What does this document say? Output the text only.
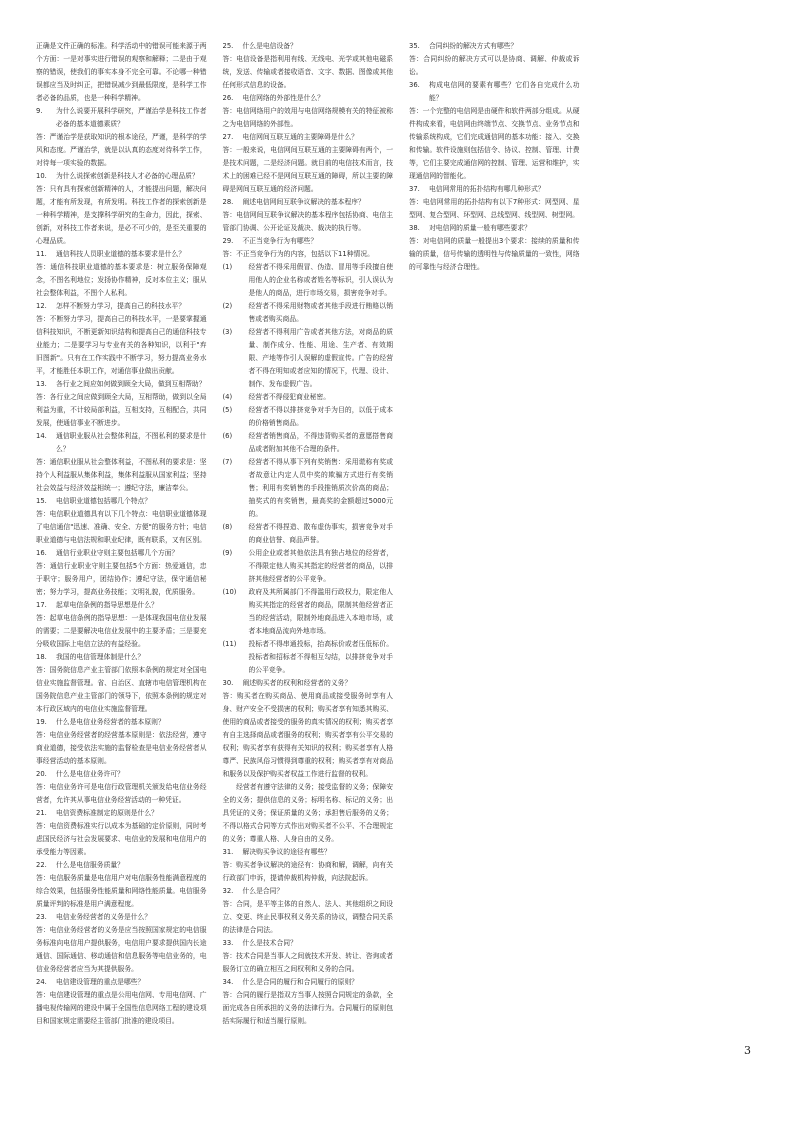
正确是文件正确的标准。科学活动中的错误可能来源于两个方面：一是对事实进行错误的观察和解释；二是由于观察的错误，使我们的事实本身不完全可靠。不论哪一种错误都应当及时纠正，把错误减少到最低限度，是科学工作者必备的品质，也是一种科学精神。

9.	为什么说要开展科学研究，严谨治学是科技工作者必备的基本道德素质？

答：严谨治学是获取知识的根本途径，严谨，是科学的学风和态度。严谨治学，就是以认真的态度对待科学工作，对待每一项实验的数据。

10.	为什么说探索创新是科技人才必备的心理品质？

答：只有具有探索创新精神的人，才能提出问题，解决问题，才能有所发现，有所发明。科技工作者的探索创新是一种科学精神，是支撑科学研究的生命力，因此，探索、创新，对科技工作者来说，是必不可少的，是至关重要的心理品质。

11.	通信科技人员职业道德的基本要求是什么？

答：通信科技职业道德的基本要求是：树立服务保障观念，不图名利地位；发扬协作精神，反对本位主义；服从社会整体利益，不图个人私利。

12.	怎样不断努力学习，提高自己的科技水平？

答：不断努力学习，提高自己的科技水平，一是要掌握通信科技知识，不断更新知识结构和提高自己的通信科技专业能力；二是要学习与专业有关的各种知识，以利于"弃旧图新"。只有在工作实践中不断学习，努力提高业务水平，才能胜任本职工作，对通信事业做出贡献。

13.	各行业之间应如何做到顾全大局，做到互相帮助？

答：各行业之间应做到顾全大局，互相帮助，做到以全局利益为重，不计较局部利益，互相支持，互相配合，共同发展，使通信事业不断进步。

14.	通信职业服从社会整体利益，不图私利的要求是什么？

答：通信职业服从社会整体利益，不图私利的要求是：坚持个人利益服从集体利益，集体利益服从国家利益；坚持社会效益与经济效益相统一；遵纪守法，廉洁奉公。

15.	电信职业道德包括哪几个特点？

答：电信职业道德具有以下几个特点：电信职业道德体现了电信通信"迅速、准确、安全、方便"的服务方针；电信职业道德与电信法规和职业纪律，既有联系，又有区别。

16.	通信行业职业守则主要包括哪几个方面？

答：通信行业职业守则主要包括5个方面：热爱通信，忠于职守；服务用户，团结协作；遵纪守法，保守通信秘密；努力学习，提高业务技能；文明礼貌，优质服务。

17.	起草电信条例的指导思想是什么？

答：起草电信条例的指导思想：一是体现我国电信业发展的需要；二是要解决电信业发展中的主要矛盾；三是要充分吸收国际上电信立法的有益经验。

18.	我国的电信管理体制是什么？

答：国务院信息产业主管部门依照本条例的规定对全国电信业实施监督管理。省、自治区、直辖市电信管理机构在国务院信息产业主管部门的领导下，依照本条例的规定对本行政区域内的电信业实施监督管理。

19.	什么是电信业务经营者的基本原则？

答：电信业务经营者的经营基本原则是：依法经营，遵守商业道德，接受依法实施的监督检查是电信业务经营者从事经营活动的基本原则。

20.	什么是电信业务许可？

答：电信业务许可是电信行政管理机关颁发给电信业务经营者，允许其从事电信业务经营活动的一种凭证。

21.	电信资费标准制定的原则是什么？

答：电信资费标准实行以成本为基础的定价原则，同时考虑国民经济与社会发展要求、电信业的发展和电信用户的承受能力等因素。

22.	什么是电信服务质量？

答：电信服务质量是电信用户对电信服务性能满意程度的综合效果，包括服务性能质量和网络性能质量。电信服务质量评判的标准是用户满意程度。

23.	电信业务经营者的义务是什么？

答：电信业务经营者的义务是应当按照国家规定的电信服务标准向电信用户提供服务，电信用户要求提供国内长途通信、国际通信、移动通信和信息服务等电信业务的，电信业务经营者应当为其提供服务。

24.	电信建设管理的重点是哪些？

答：电信建设管理的重点是公用电信网、专用电信网、广播电视传输网的建设中属于全国性信息网络工程的建设项目和国家规定需要经主管部门批准的建设项目。

25.	什么是电信设备？

答：电信设备是指利用有线、无线电、光学或其他电磁系统，发送、传输或者接收语音、文字、数据、图像或其他任何形式信息的设备。

26.	电信网络的外部性是什么？

答：电信网络用户的效用与电信网络规模有关的特征被称之为电信网络的外部性。

27.	电信网间互联互通的主要障碍是什么？

答：一般来说，电信网间互联互通的主要障碍有两个，一是技术问题，二是经济问题。就目前的电信技术而言，技术上的困难已经不是网间互联互通的障碍，所以主要的障碍是网间互联互通的经济问题。

28.	阐述电信网间互联争议解决的基本程序？

答：电信网间互联争议解决的基本程序包括协商、电信主管部门协调、公开论证及裁决、裁决的执行等。

29.	不正当竞争行为有哪些？

答：不正当竞争行为的内容，包括以下11种情况。

(1)	经营者不得采用假冒、伪造、冒用等手段擅自使用他人的企业名称或者姓名等标识，引人误认为是他人的商品，进行市场交易，损害竞争对手。
(2)	经营者不得采用财物或者其他手段进行贿赂以销售或者购买商品。
(3)	经营者不得利用广告或者其他方法，对商品的质量、制作成分、性能、用途、生产者、有效期限、产地等作引人误解的虚假宣传。广告的经营者不得在明知或者应知的情况下，代理、设计、制作、发布虚假广告。
(4)	经营者不得侵犯商业秘密。
(5)	经营者不得以排挤竞争对手为目的，以低于成本的价格销售商品。
(6)	经营者销售商品，不得违背购买者的意愿搭售商品或者附加其他不合理的条件。
(7)	经营者不得从事下列有奖销售：采用谎称有奖或者故意让内定人员中奖的欺骗方式进行有奖销售；利用有奖销售的手段推销质次价高的商品；抽奖式的有奖销售，最高奖的金额超过5000元的。
(8)	经营者不得捏造、散布虚伪事实，损害竞争对手的商业信誉、商品声誉。
(9)	公用企业或者其他依法具有独占地位的经营者，不得限定他人购买其指定的经营者的商品，以排挤其他经营者的公平竞争。
(10)	政府及其所属部门不得滥用行政权力，限定他人购买其指定的经营者的商品，限制其他经营者正当的经营活动，限制外地商品进入本地市场，或者本地商品流向外地市场。
(11)	投标者不得串通投标，抬高标价或者压低标价。投标者和招标者不得相互勾结，以排挤竞争对手的公平竞争。
30.	阐述购买者的权利和经营者的义务？

答：购买者在购买商品、使用商品或接受服务时享有人身、财产安全不受损害的权利；购买者享有知悉其购买、使用的商品或者接受的服务的真实情况的权利；购买者享有自主选择商品或者服务的权利；购买者享有公平交易的权利；购买者享有获得有关知识的权利；购买者享有人格尊严、民族风俗习惯得到尊重的权利；购买者享有对商品和服务以及保护购买者权益工作进行监督的权利。

经营者有遵守法律的义务；接受监督的义务；保障安全的义务；提供信息的义务；标明名称、标记的义务；出具凭证的义务；保证质量的义务；承担售后服务的义务；不得以格式合同等方式作出对购买者不公平、不合理规定的义务；尊重人格、人身自由的义务。

31.	解决购买争议的途径有哪些？

答：购买者争议解决的途径有：协商和解，调解，向有关行政部门申诉，提请仲裁机构仲裁，向法院起诉。

32.	什么是合同？

答：合同，是平等主体的自然人、法人、其他组织之间设立、变更、终止民事权利义务关系的协议，调整合同关系的法律是合同法。

33.	什么是技术合同？

答：技术合同是当事人之间就技术开发、转让、咨询或者服务订立的确立相互之间权利和义务的合同。

34.	什么是合同的履行和合同履行的原则？

答：合同的履行是指双方当事人按照合同规定的条款，全面完成各自所承担的义务的法律行为。合同履行的原则包括实际履行和适当履行原则。

35.	合同纠纷的解决方式有哪些？

答：合同纠纷的解决方式可以是协商、调解、仲裁或诉讼。

36.	构成电信网的要素有哪些？它们各自完成什么功能？

答：一个完整的电信网是由硬件和软件两部分组成。从硬件构成来看，电信网由终端节点、交换节点、业务节点和传输系统构成，它们完成通信网的基本功能：接入、交换和传输。软件设施则包括信令、协议、控制、管理、计费等，它们主要完成通信网的控制、管理、运营和维护，实现通信网的智能化。

37.	电信网常用的拓扑结构有哪几种形式？

答：电信网常用的拓扑结构有以下7种形式：网型网、星型网、复合型网、环型网、总线型网、线型网、树型网。

38.	对电信网的质量一般有哪些要求？

答：对电信网的质量一般提出3个要求：接续的质量和传输的质量，信号传输的透明性与传输质量的一致性，网络的可靠性与经济合理性。

3
